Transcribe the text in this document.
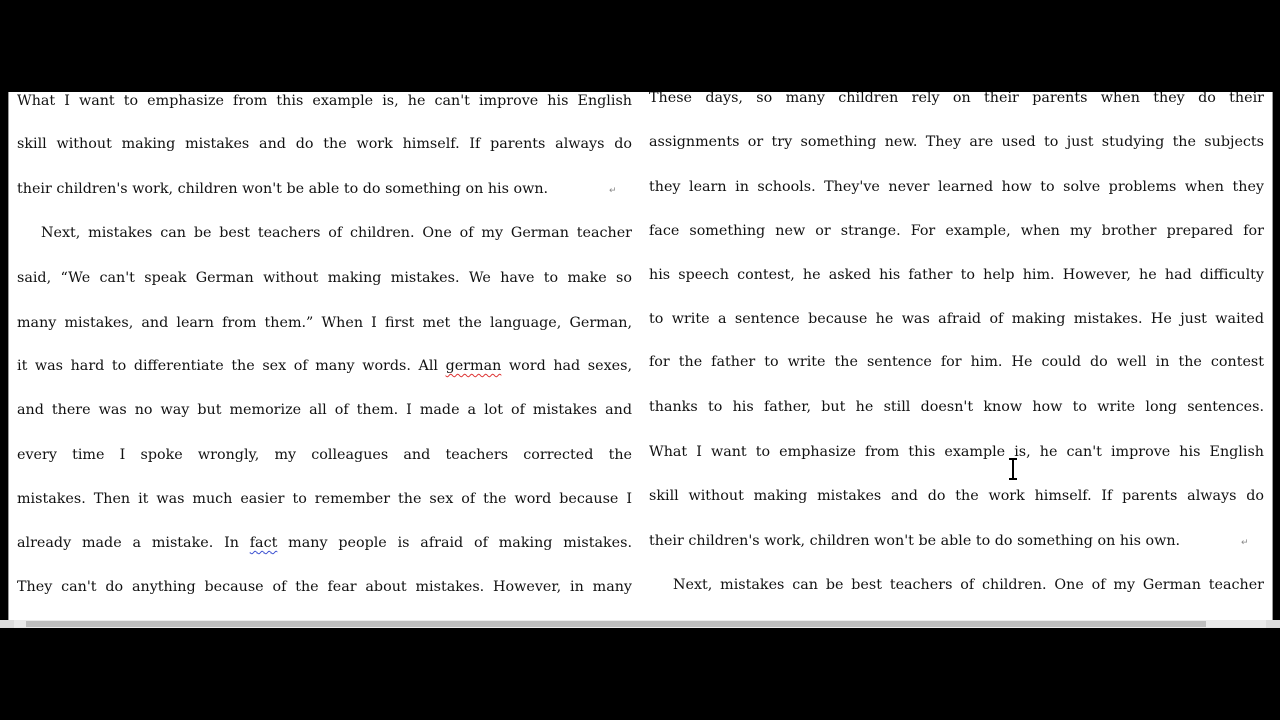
What I want to emphasize from this example is, he can't improve his English
skill without making mistakes and do the work himself. If parents always do
their children's work, children won't be able to do something on his own.	↵
Next, mistakes can be best teachers of children. One of my German teacher
said, “We can't speak German without making mistakes. We have to make so
many mistakes, and learn from them.” When I first met the language, German,
it was hard to differentiate the sex of many words. All german word had sexes,
and there was no way but memorize all of them. I made a lot of mistakes and
every time I spoke wrongly, my colleagues and teachers corrected the
mistakes. Then it was much easier to remember the sex of the word because I
already made a mistake. In fact many people is afraid of making mistakes.
They can't do anything because of the fear about mistakes. However, in many
These days, so many children rely on their parents when they do their
assignments or try something new. They are used to just studying the subjects
they learn in schools. They've never learned how to solve problems when they
face something new or strange. For example, when my brother prepared for
his speech contest, he asked his father to help him. However, he had difficulty
to write a sentence because he was afraid of making mistakes. He just waited
for the father to write the sentence for him. He could do well in the contest
thanks to his father, but he still doesn't know how to write long sentences.
What I want to emphasize from this example is, he can't improve his English
skill without making mistakes and do the work himself. If parents always do
their children's work, children won't be able to do something on his own.	↵
Next, mistakes can be best teachers of children. One of my German teacher
